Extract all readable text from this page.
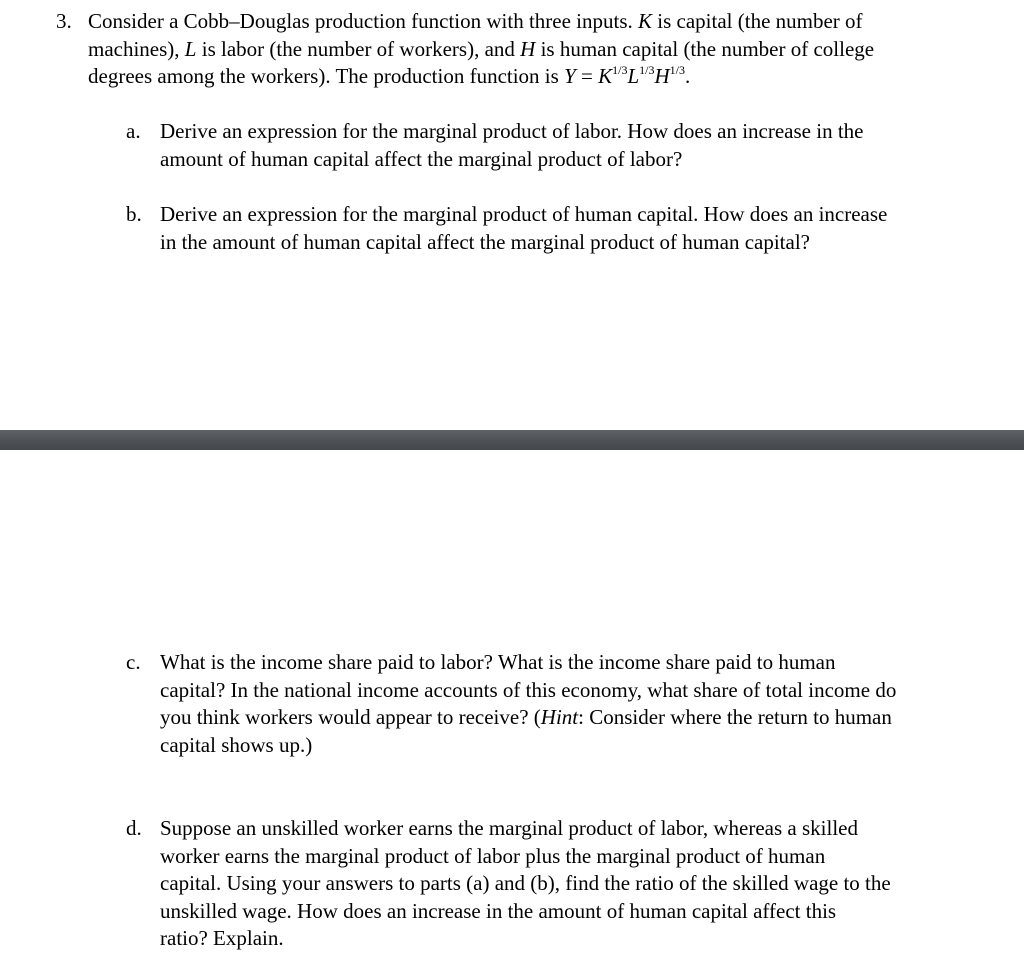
3. Consider a Cobb–Douglas production function with three inputs. K is capital (the number of
machines), L is labor (the number of workers), and H is human capital (the number of college
degrees among the workers). The production function is $Y = K^{1/3}L^{1/3}H^{1/3}$.
a. Derive an expression for the marginal product of labor. How does an increase in the
amount of human capital affect the marginal product of labor?
b. Derive an expression for the marginal product of human capital. How does an increase
in the amount of human capital affect the marginal product of human capital?
c. What is the income share paid to labor? What is the income share paid to human
capital? In the national income accounts of this economy, what share of total income do
you think workers would appear to receive? (Hint: Consider where the return to human
capital shows up.)
d. Suppose an unskilled worker earns the marginal product of labor, whereas a skilled
worker earns the marginal product of labor plus the marginal product of human
capital. Using your answers to parts (a) and (b), find the ratio of the skilled wage to the
unskilled wage. How does an increase in the amount of human capital affect this
ratio? Explain.
